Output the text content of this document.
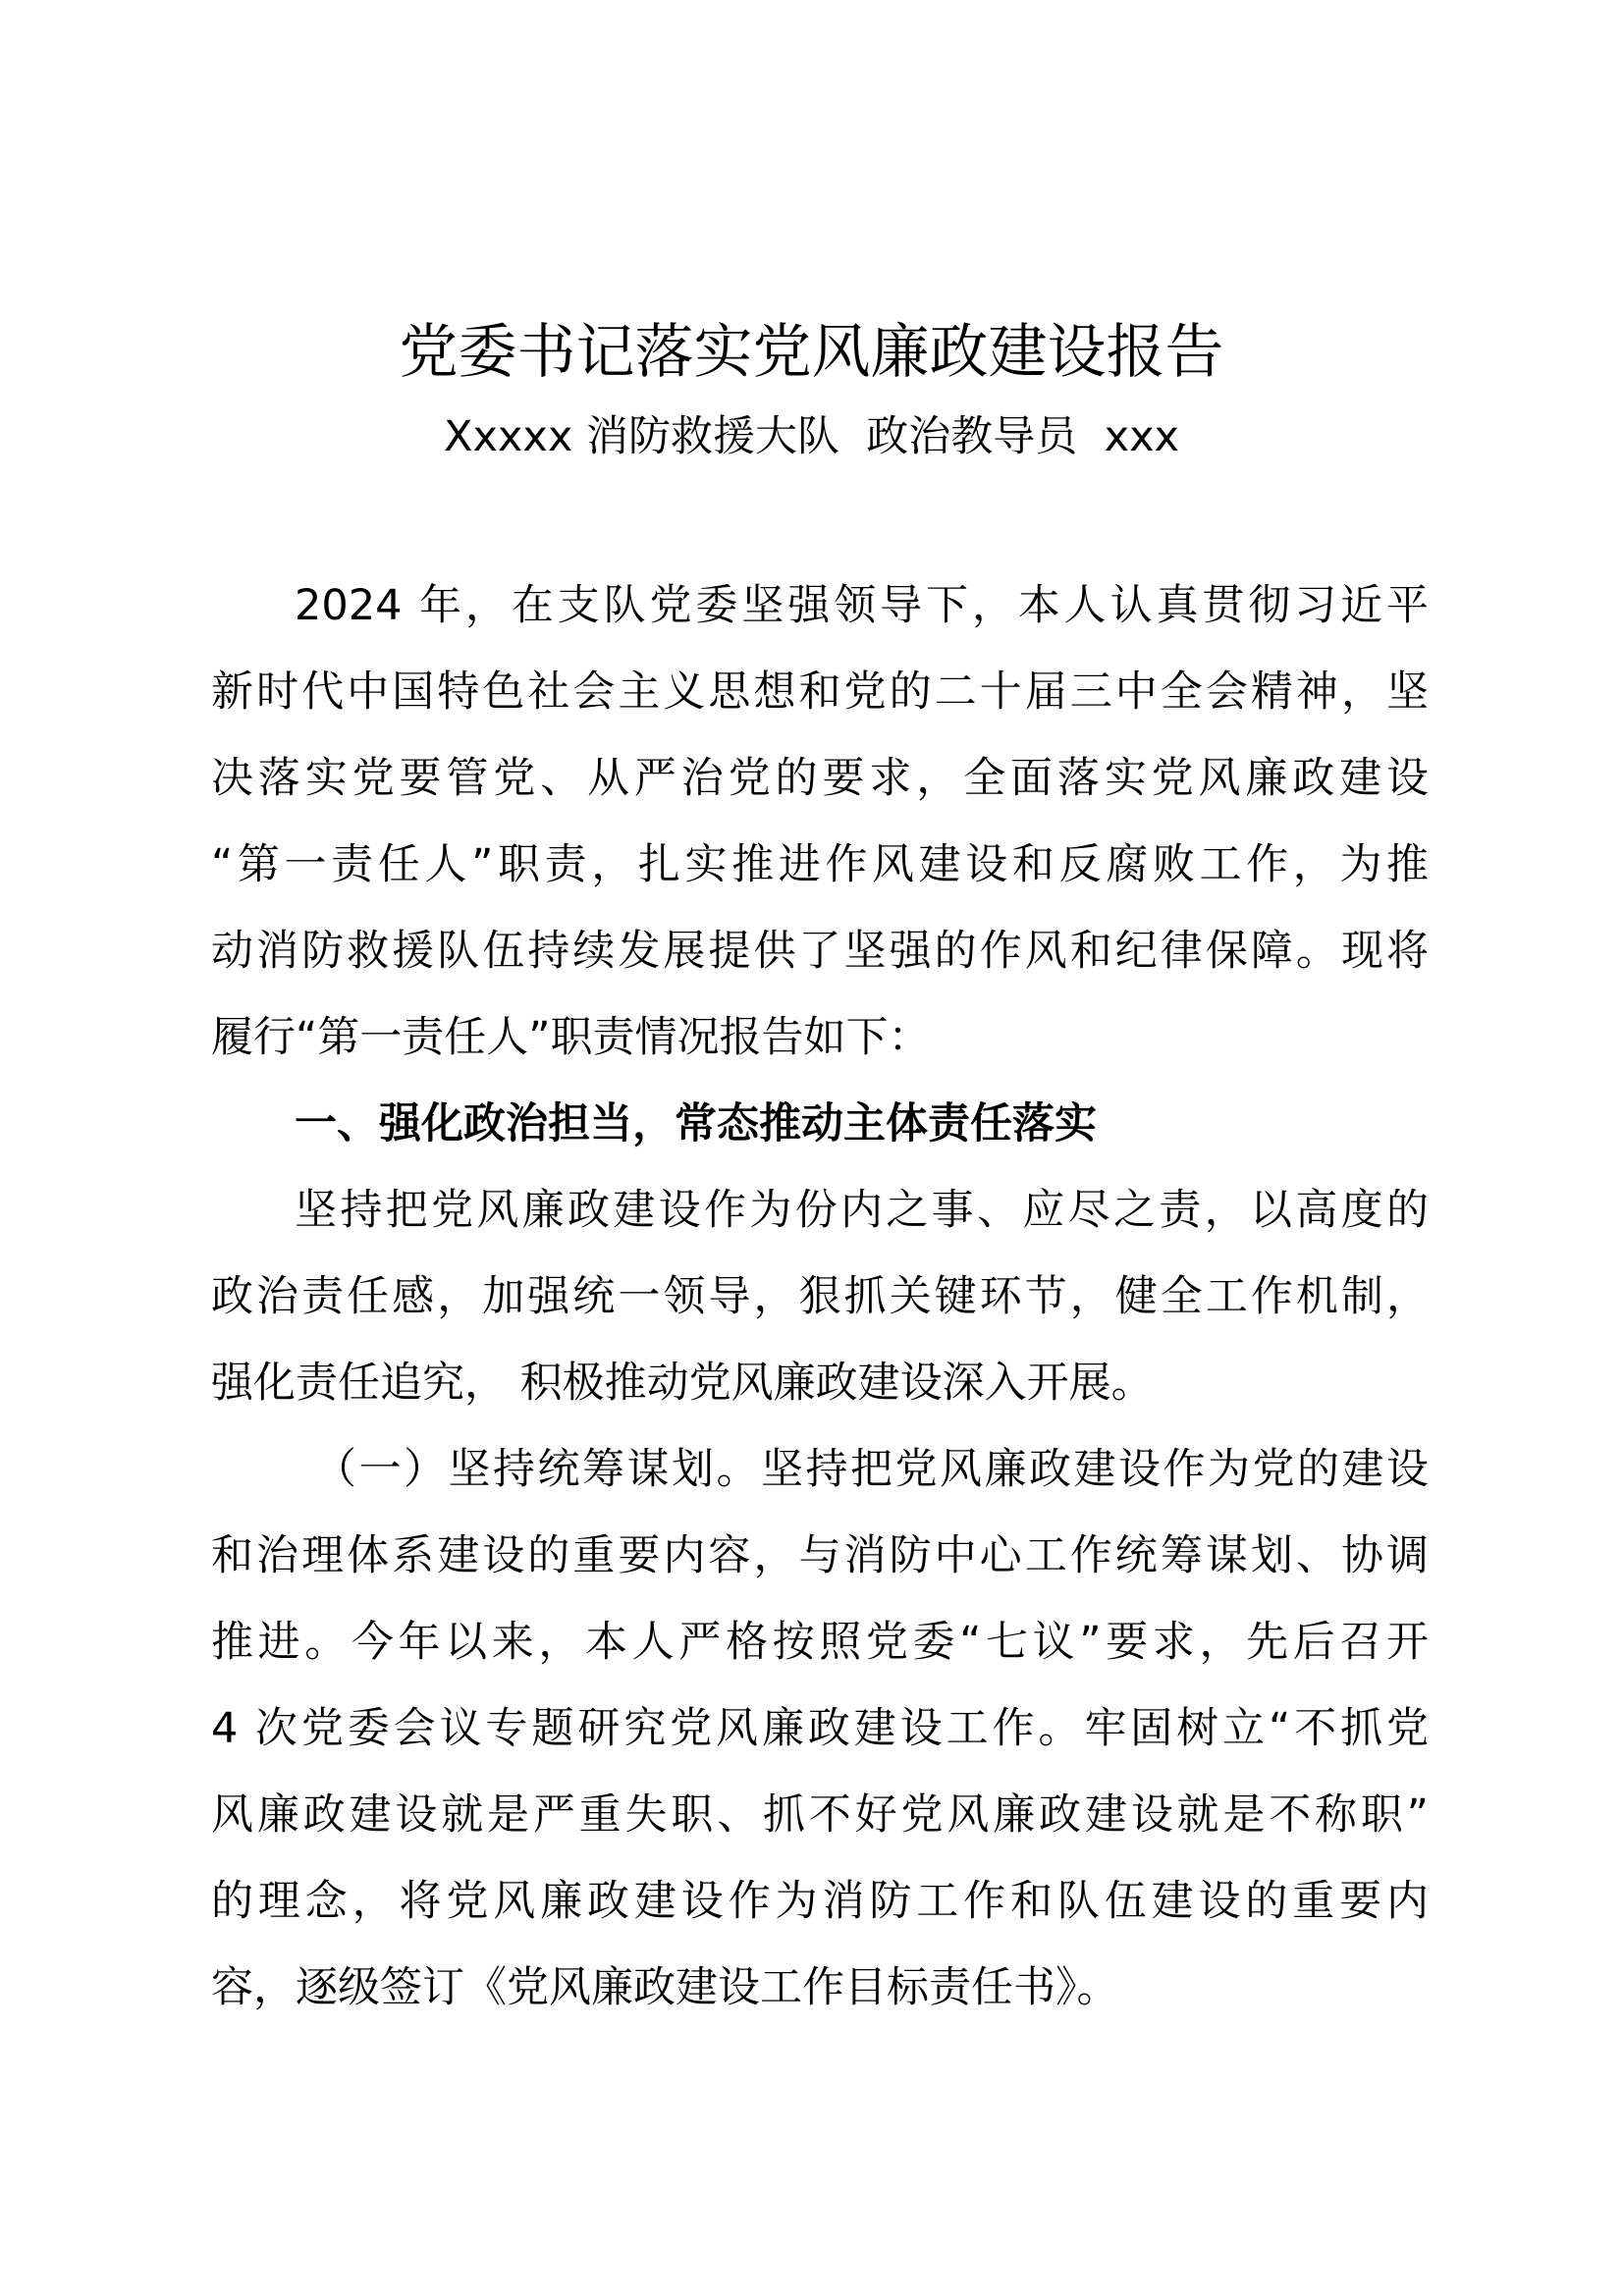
党委书记落实党风廉政建设报告

Xxxxx 消防救援大队  政治教导员  xxx

2024 年，在支队党委坚强领导下，本人认真贯彻习近平

新时代中国特色社会主义思想和党的二十届三中全会精神，坚

决落实党要管党、从严治党的要求，全面落实党风廉政建设

“第一责任人”职责，扎实推进作风建设和反腐败工作，为推

动消防救援队伍持续发展提供了坚强的作风和纪律保障。现将

履行“第一责任人”职责情况报告如下：

一、强化政治担当，常态推动主体责任落实

坚持把党风廉政建设作为份内之事、应尽之责，以高度的

政治责任感，加强统一领导，狠抓关键环节，健全工作机制，

强化责任追究， 积极推动党风廉政建设深入开展。

（一）坚持统筹谋划。坚持把党风廉政建设作为党的建设

和治理体系建设的重要内容，与消防中心工作统筹谋划、协调

推进。今年以来，本人严格按照党委“七议”要求，先后召开

4 次党委会议专题研究党风廉政建设工作。牢固树立“不抓党

风廉政建设就是严重失职、抓不好党风廉政建设就是不称职”

的理念，将党风廉政建设作为消防工作和队伍建设的重要内

容，逐级签订《党风廉政建设工作目标责任书》。
